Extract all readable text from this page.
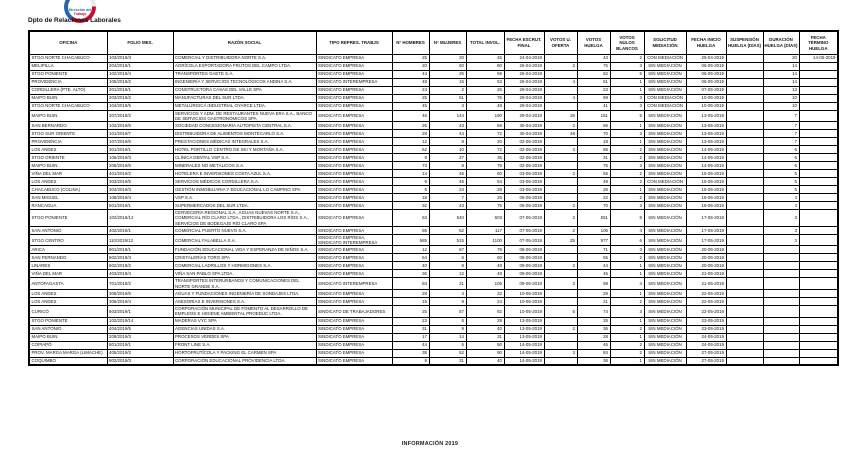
Dirección del
Trabajo
Dpto de Relaciones Laborales
OFICINA	FOLIO MES.	RAZÓN SOCIAL	TIPO REPRES. TRABJS	N° HOMBRES	N° MUJERES	TOTAL INVOL.	FECHA ESCRUT. FINAL	VOTOS U. OFERTA	VOTOS HUELGA	VOTOS NULOS BLANCOS	SOLICITUD MEDIACIÓN	FECHA INICIO HUELGA	SUSPENSIÓN HUELGA (DÍAS)	DURACIÓN HUELGA (DÍAS)	FECHA TÉRMINO HUELGA
STGO NORTE CHACABUCO	103/2019/3	COMERCIAL Y DISTRIBUIDORA NORTE S.A.	SINDICATO EMPRESA	25	20	45	24-04-2019		43	2	CON MEDIACIÓN	25-04-2019		20	14-05-2019
MELIPILLA	204/2019/1	AGRÍCOLA EXPORTADORA FRUTOS DEL CAMPO LTDA.	SINDICATO EMPRESA	20	60	80	26-04-2019	2	75	3	SIN MEDIACIÓN	06-05-2019		14	
STGO PONIENTE	102/2019/4	TRANSPORTES GAETE S.A.	SINDICATO EMPRESA	44	25	69	26-04-2019		62	5	SIN MEDIACIÓN	06-05-2019		14	
PROVIDENCIA	105/2019/2	INGENIERÍA Y SERVICIOS TECNOLÓGICOS ANDINA S.A.	SINDICATO INTEREMPRESA	48	15	63	26-04-2019	4	61	1	SIN MEDIACIÓN	06-05-2019		14	
CORDILLERA (PTE. ALTO)	201/2019/1	CONSTRUCTORA CASAS DEL VALLE SPA	SINDICATO EMPRESA	24	2	26	29-04-2019		23	1	SIN MEDIACIÓN	07-05-2019		13	
MAIPO BUIN	203/2019/2	MANUFACTURAS DEL SUR LTDA.	SINDICATO EMPRESA	25	51	76	29-04-2019	4	68	3	CON MEDIACIÓN	10-05-2019		10	
STGO NORTE CHACABUCO	104/2019/5	METALÚRGICA INDUSTRIAL OYARCE LTDA.	SINDICATO EMPRESA	45	3	48	29-04-2019		41	3	CON MEDIACIÓN	10-05-2019		10	
MAIPO BUIN	207/2019/2	SERVICIOS Y ADM. DE RESTAURANTES NUEVA ERA S.A., BANCO DE SERVICIOS GASTRONÓMICOS SPA	SINDICATO EMPRESA	46	144	190	29-04-2019	28	151	5	SIN MEDIACIÓN	13-05-2019		7	
SAN BERNARDO	102/2019/6	SOCIEDAD CONCESIONARIA AUTOPISTA CENTRAL S.A.	SINDICATO EMPRESA	26	43	69	30-04-2019	2	66	1	SIN MEDIACIÓN	13-05-2019		7	
STGO SUR ORIENTE	101/2019/7	DISTRIBUIDORA DE ALIMENTOS MONTECARLO S.A.	SINDICATO EMPRESA	28	44	72	30-04-2019	48	70	3	SIN MEDIACIÓN	13-05-2019		7	
PROVIDENCIA	107/2019/6	PRESTACIONES MÉDICAS INTEGRALES S.A.	SINDICATO EMPRESA	12	8	20	02-05-2019		18	1	SIN MEDIACIÓN	13-05-2019		7	
LOS ANDES	301/2019/1	HOTEL PORTILLO CENTRO DE SKI Y MONTAÑA S.A.	SINDICATO EMPRESA	62	10	72	02-05-2019	3	65	2	SIN MEDIACIÓN	14-05-2019		6	
STGO ORIENTE	106/2019/3	CLÍNICA DENTAL VSP S.A.	SINDICATO EMPRESA	8	27	35	02-05-2019		31	2	SIN MEDIACIÓN	14-05-2019		6	
MAIPO BUIN	205/2019/6	MINERALES NO METÁLICOS S.A.	SINDICATO EMPRESA	73	8	79	02-05-2019		75	3	SIN MEDIACIÓN	14-05-2019		6	
VIÑA DEL MAR	401/2019/2	HOTELERA E INVERSIONES COSTA AZUL S.A.	SINDICATO EMPRESA	14	46	60	03-05-2019	2	55	2	SIN MEDIACIÓN	15-05-2019		5	
LOS ANDES	303/2019/5	SERVICIOS MÉDICOS CORDILLERA S.A.	SINDICATO EMPRESA	9	45	54	03-05-2019		49	2	CON MEDIACIÓN	15-05-2019		5	
CHACABUCO (COLINA)	304/2019/3	GESTIÓN INMOBILIARIA Y EDUCACIONAL LO CAMPINO SPA	SINDICATO EMPRESA	5	24	29	03-05-2019		26	1	SIN MEDIACIÓN	15-05-2019		5	
SAN MIGUEL	108/2019/4	VSP S.A.	SINDICATO EMPRESA	18	7	25	06-05-2019		22	2	SIN MEDIACIÓN	16-05-2019		4	
RANCAGUA	501/2019/1	SUPERMERCADOS DEL SUR LTDA.	SINDICATO EMPRESA	32	43	75	06-05-2019	2	70	3	SIN MEDIACIÓN	16-05-2019		4	
STGO PONIENTE	102/2019/12	CERVECERÍA REGIONAL S.A., AGUAS NUEVAS NORTE S.A., COMERCIAL RÍO CLARO LTDA., DISTRIBUIDORA LOS RÍOS S.A., SERVICIOS DE BODEGAJE RÍO CLARO SPA	SINDICATO EMPRESA	63	540	603	07-05-2019	2	551	8	SIN MEDIACIÓN	17-05-2019		3	
SAN ANTONIO	402/2019/1	COMERCIAL PUERTO NUEVO S.A.	SINDICATO EMPRESA	55	62	117	07-05-2019	2	106	4	SIN MEDIACIÓN	17-05-2019		3	
STGO CENTRO	110/2019/12	COMERCIAL FALABELLA S.A.	SINDICATO EMPRESA, SINDICATO INTEREMPRESA	585	515	1100	07-05-2019	25	977	6	SIN MEDIACIÓN	17-05-2019		3	
ARICA	901/2019/1	FUNDACIÓN EDUCACIONAL VIDA Y ESPERANZA DE NIÑOS S.A.	SINDICATO EMPRESA	12	67	79	08-05-2019		71	3	SIN MEDIACIÓN	20-05-2019			
SAN FERNANDO	502/2019/3	CRISTALERÍAS TORO SPA	SINDICATO EMPRESA	54	6	60	08-05-2019		55	2	SIN MEDIACIÓN	20-05-2019			
LINARES	602/2019/2	COMERCIAL LADRILLOS Y HORMIGONES S.A.	SINDICATO EMPRESA	40	8	48	09-05-2019	2	44	1	SIN MEDIACIÓN	20-05-2019			
VIÑA DEL MAR	403/2019/4	VIÑA SAN PABLO SPA LTDA.	SINDICATO EMPRESA	36	12	48	09-05-2019		45	1	SIN MEDIACIÓN	21-05-2019			
ANTOFAGASTA	701/2019/2	TRANSPORTES INTERURBANOS Y COMUNICACIONES DEL NORTE GRANDE S.A.	SINDICATO INTEREMPRESA	84	21	105	09-05-2019	3	98	4	SIN MEDIACIÓN	21-05-2019			
LOS ANDES	305/2019/6	AGUAS Y FUNDACIONES INGENIERÍA DE SONDAJES LTDA.	SINDICATO EMPRESA	28	4	32	10-05-2019		29	1	SIN MEDIACIÓN	22-05-2019			
LOS ANDES	306/2019/4	ASESORÍAS E INVERSIONES S.A.	SINDICATO EMPRESA	15	9	24	10-05-2019		21	2	SIN MEDIACIÓN	22-05-2019			
CURICÓ	603/2019/1	CORPORACIÓN MUNICIPAL DE FOMENTO AL DESARROLLO DE EMPLEOS E HIGIENE AMBIENTAL PROEDUC LTDA.	SINDICATO DE TRABAJADORES	25	57	82	10-05-2019	5	74	3	SIN MEDIACIÓN	22-05-2019			
STGO PONIENTE	102/2019/14	MADERAS VYC SPA	SINDICATO EMPRESA	23	5	28	13-05-2019		25	1	SIN MEDIACIÓN	23-05-2019			
SAN ANTONIO	404/2019/5	AGENCIAS UNIDAS S.A.	SINDICATO EMPRESA	31	9	40	13-05-2019	2	36	2	SIN MEDIACIÓN	23-05-2019			
MAIPO BUIN	208/2019/3	PROCESOS VERDES SPA	SINDICATO EMPRESA	17	14	31	13-05-2019		28	1	SIN MEDIACIÓN	24-05-2019			
COPIAPÓ	801/2019/1	FRONT LINE S.A.	SINDICATO EMPRESA	44	6	50	14-05-2019		46	2	SIN MEDIACIÓN	24-05-2019			
PROV. MARGA MARGA (LIMACHE)	405/2019/2	HORTOFRUTÍCOLA Y PACKING EL CARMEN SPA	SINDICATO EMPRESA	38	52	90	14-05-2019	3	84	2	SIN MEDIACIÓN	27-05-2019			
COQUIMBO	802/2019/3	CORPORACIÓN EDUCACIONAL PROVIDENCIA LTDA.	SINDICATO EMPRESA	9	31	40	14-05-2019		36	1	SIN MEDIACIÓN	27-05-2019			
INFORMACIÓN 2019
